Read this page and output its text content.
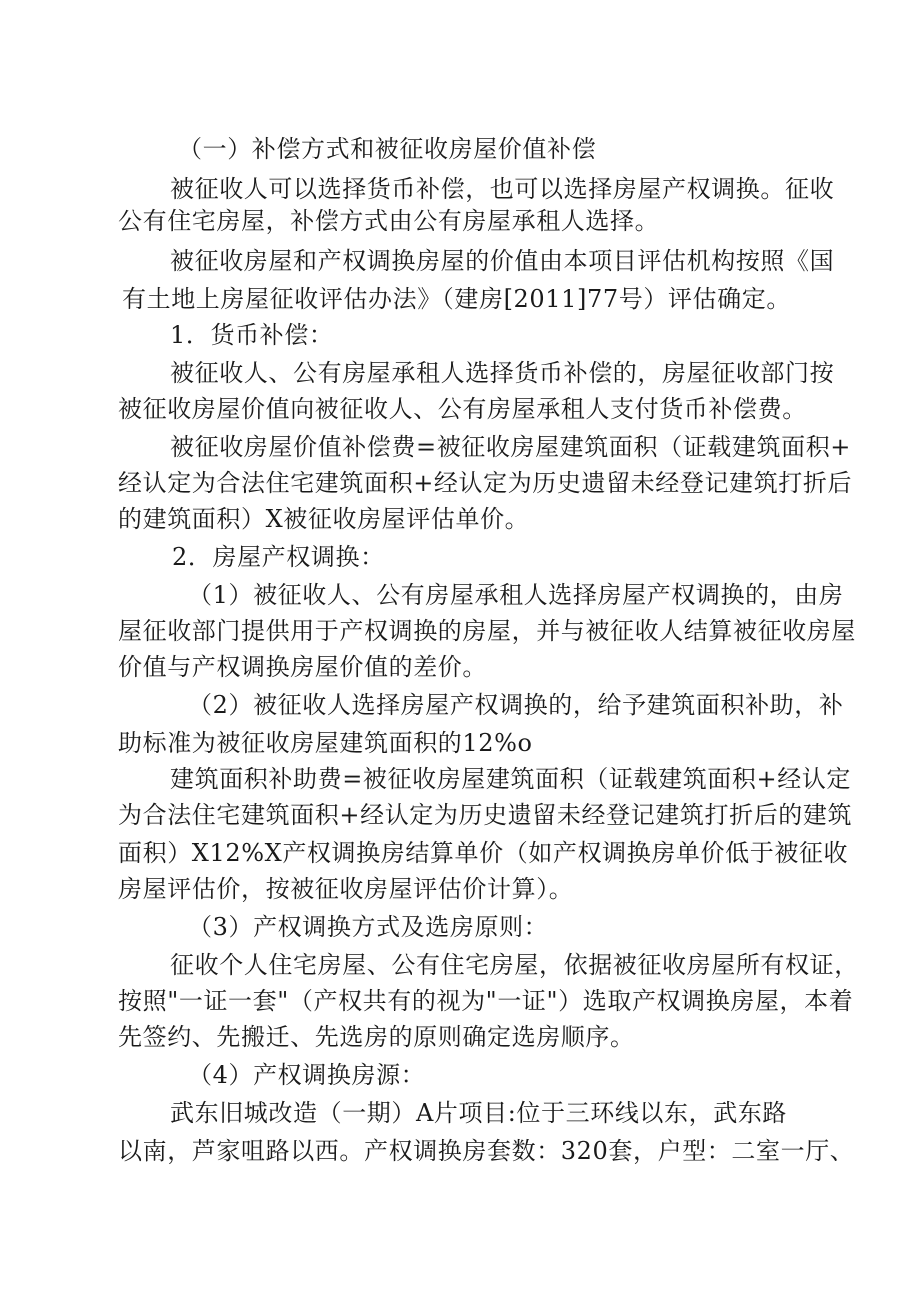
（一）补偿方式和被征收房屋价值补偿
被征收人可以选择货币补偿，也可以选择房屋产权调换。征收
公有住宅房屋，补偿方式由公有房屋承租人选择。
被征收房屋和产权调换房屋的价值由本项目评估机构按照《国
有土地上房屋征收评估办法》（建房[2011]77号）评估确定。
1．货币补偿：
被征收人、公有房屋承租人选择货币补偿的，房屋征收部门按
被征收房屋价值向被征收人、公有房屋承租人支付货币补偿费。
被征收房屋价值补偿费=被征收房屋建筑面积（证载建筑面积+
经认定为合法住宅建筑面积+经认定为历史遗留未经登记建筑打折后
的建筑面积）X被征收房屋评估单价。
2．房屋产权调换：
（1）被征收人、公有房屋承租人选择房屋产权调换的，由房
屋征收部门提供用于产权调换的房屋，并与被征收人结算被征收房屋
价值与产权调换房屋价值的差价。
（2）被征收人选择房屋产权调换的，给予建筑面积补助，补
助标准为被征收房屋建筑面积的12%o
建筑面积补助费=被征收房屋建筑面积（证载建筑面积+经认定
为合法住宅建筑面积+经认定为历史遗留未经登记建筑打折后的建筑
面积）X12%X产权调换房结算单价（如产权调换房单价低于被征收
房屋评估价，按被征收房屋评估价计算）。
（3）产权调换方式及选房原则：
征收个人住宅房屋、公有住宅房屋，依据被征收房屋所有权证，
按照"一证一套"（产权共有的视为"一证"）选取产权调换房屋，本着
先签约、先搬迁、先选房的原则确定选房顺序。
（4）产权调换房源：
武东旧城改造（一期）A片项目:位于三环线以东，武东路
以南，芦家咀路以西。产权调换房套数：320套，户型：二室一厅、
